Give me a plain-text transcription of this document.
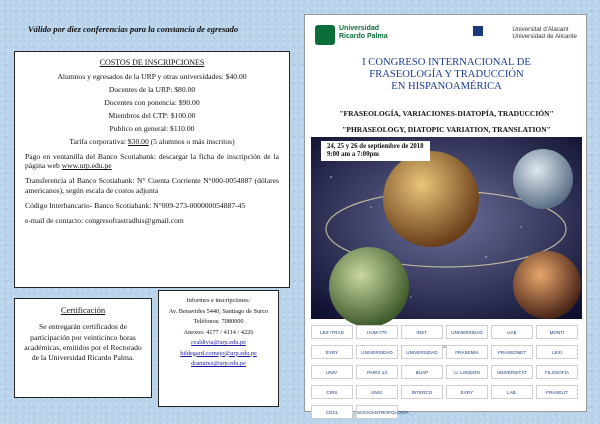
Válido por diez conferencias para la constancia de egresado
COSTOS DE INSCRIPCIONES
Alumnos y egresados de la URP y otras universidades: $40.00
Docentes de la URP: $80.00
Docentes con ponencia: $90.00
Miembros del CTP: $100.00
Publico en general: $110.00
Tarifa corporativa: $30.00 (5 alumnos o más inscritos)

Pago en ventanilla del Banco Scotiabank: descargar la ficha de inscripción de la página web www.urp.edu.pe

Transferencia al Banco Scotiabank: N° Cuenta Corriente N°000-0054887 (dólares americanos), según escala de costos adjunta

Código Interbancario- Banco Scotiabank: N°009-273-000000054887-45

e-mail de contacto: congresofrastradhis@gmail.com

Certificación
Se entregarán certificados de participación por veinticinco horas académicas, emitidos por el Rectorado de la Universidad Ricardo Palma.
Informes e inscripciones:
Av. Benavides 5440, Santiago de Surco
Teléfonos: 7080000
Anexos: 4177 / 4114 / 4226
rvaldivia@urp.edu.pe
hildegard.cornejo@urp.edu.pe
dramirez@urp.edu.pe
Universidad
Ricardo Palma
Universitat d'Alacant
Universidad de Alicante
I CONGRESO INTERNACIONAL DE
FRASEOLOGÍA Y TRADUCCIÓN
EN HISPANOAMÉRICA
"FRASEOLOGÍA, VARIACIONES-DIATOPÍA, TRADUCCIÓN"
"PHRASEOLOGY, DIATOPIC VARIATION, TRANSLATION"
24, 25 y 26 de septiembre de 2018
9:00 am a 7:00pm
LEX+TRAD	HUM-770	INST.	UNIVERSIDAD	UAE	MONTI
EVRY	UNIVERSIDAD	UNIVERSIDAD	FRASEMIA	FRASEONET	LEXI
UNIV.	PARIS 13	BUAP	U. LONDON	UNIVERSITÄT	FILOSOFÍA
CIRS	UNIV.	INTERCO	EVRY	LAB.	FRASELIT
CGCL	SOCIOANTROPOLOGÍA
